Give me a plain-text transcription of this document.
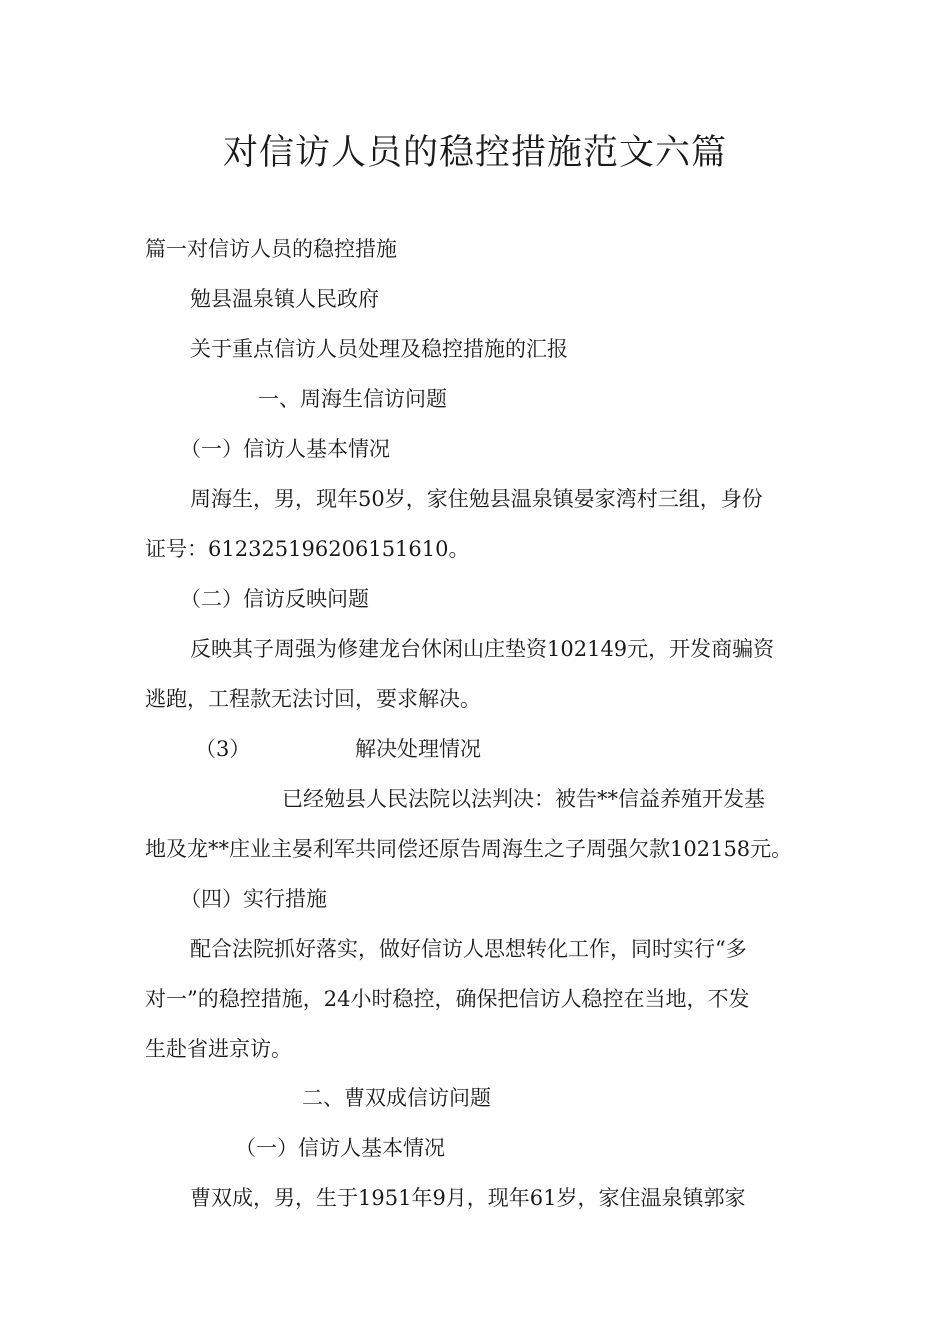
对信访人员的稳控措施范文六篇

篇一对信访人员的稳控措施

勉县温泉镇人民政府

关于重点信访人员处理及稳控措施的汇报

一、周海生信访问题

（一）信访人基本情况

周海生，男，现年50岁，家住勉县温泉镇晏家湾村三组，身份

证号：612325196206151610。

（二）信访反映问题

反映其子周强为修建龙台休闲山庄垫资102149元，开发商骗资

逃跑，工程款无法讨回，要求解决。

（3）	解决处理情况

已经勉县人民法院以法判决：被告**信益养殖开发基

地及龙**庄业主晏利军共同偿还原告周海生之子周强欠款102158元。

（四）实行措施

配合法院抓好落实，做好信访人思想转化工作，同时实行“多

对一”的稳控措施，24小时稳控，确保把信访人稳控在当地，不发

生赴省进京访。

二、曹双成信访问题

（一）信访人基本情况

曹双成，男，生于1951年9月，现年61岁，家住温泉镇郭家
